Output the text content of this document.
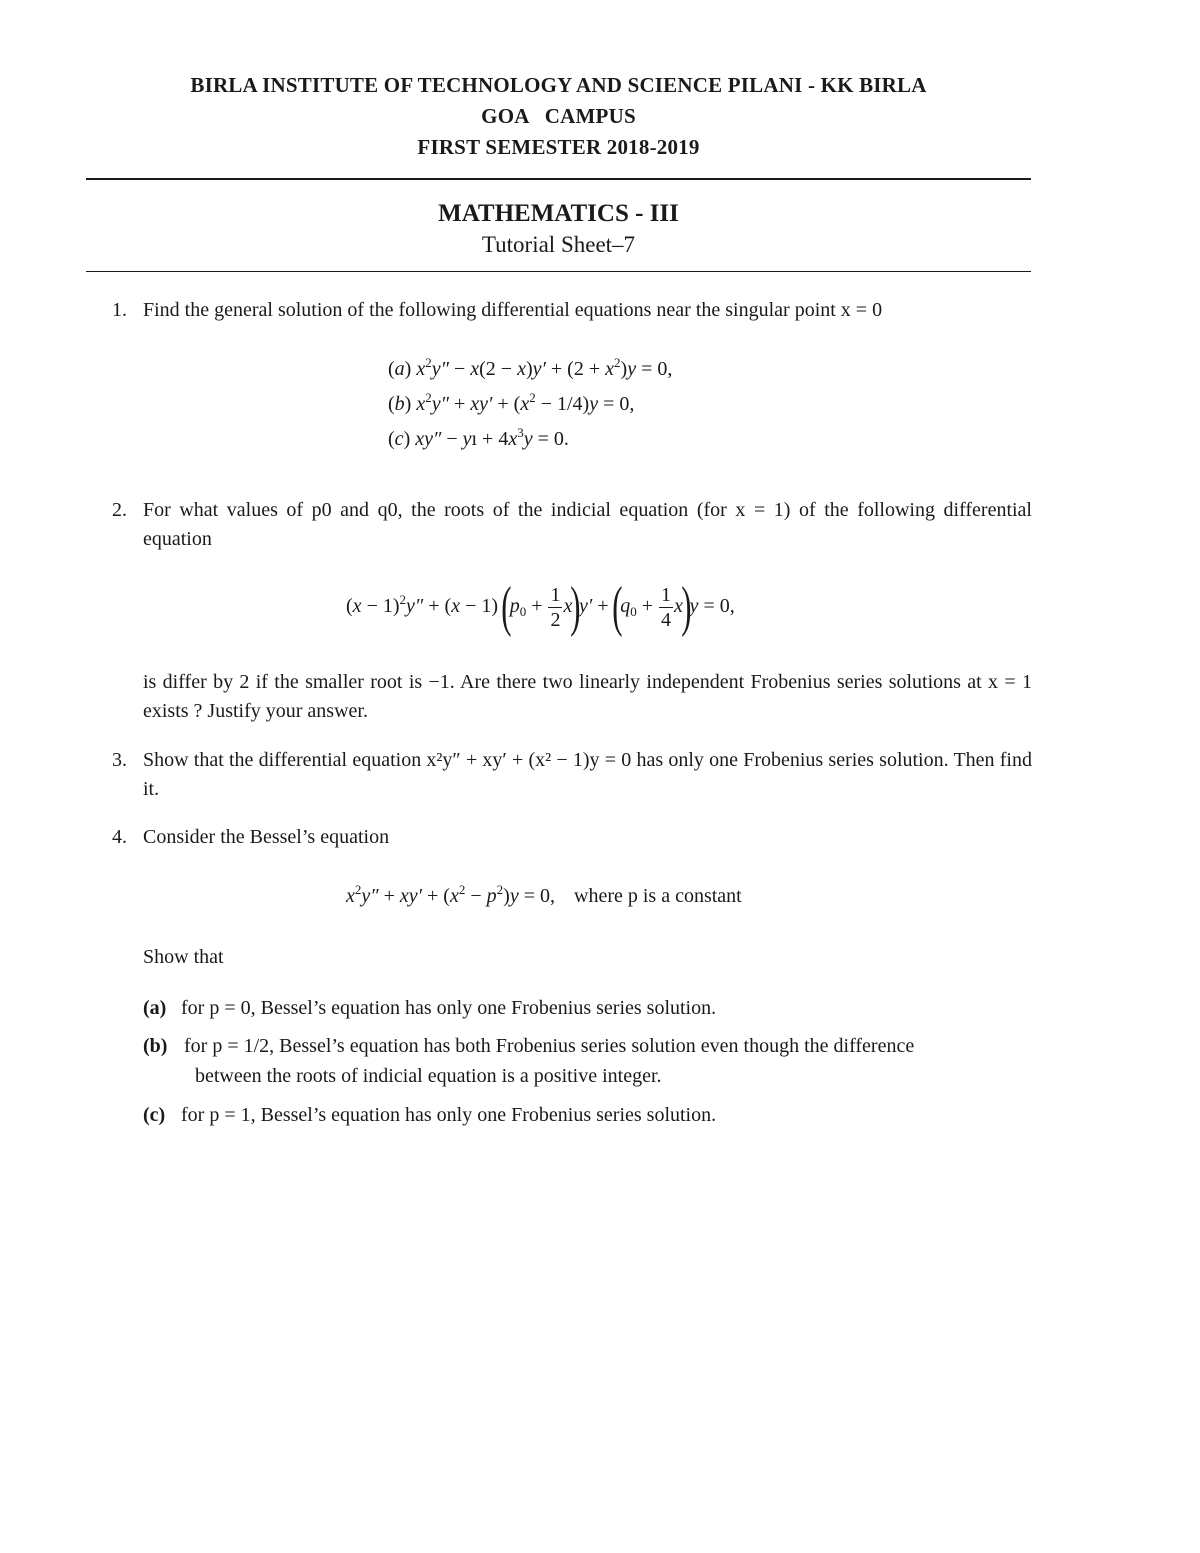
BIRLA INSTITUTE OF TECHNOLOGY AND SCIENCE PILANI - KK BIRLA
GOA   CAMPUS
FIRST SEMESTER 2018-2019
MATHEMATICS - III
Tutorial Sheet–7
1. Find the general solution of the following differential equations near the singular point x = 0
(a) $x^2y'' - x(2 - x)y' + (2 + x^2)y = 0$,
(b) $x^2y'' + xy' + (x^2 - 1/4)y = 0$,
(c) xy″ − yı + $4x^3y = 0$.
2. For what values of p0 and q0, the roots of the indicial equation (for x = 1) of the following differential equation
$(x - 1)^2y'' + (x - 1)$ $(p_0 + \frac{1}{2} x)y' + (q_0 + \frac{1}{4} x)y = 0$,
is differ by 2 if the smaller root is −1. Are there two linearly independent Frobenius series solutions at x = 1 exists ? Justify your answer.
3. Show that the differential equation x²y″ + xy′ + (x² − 1)y = 0 has only one Frobenius series solution. Then find it.
4. Consider the Bessel’s equation
$x^2y'' + xy' + (x^2 - p^2)y = 0$, where p is a constant
Show that
(a) for p = 0, Bessel’s equation has only one Frobenius series solution.
(b) for p = 1/2, Bessel’s equation has both Frobenius series solution even though the difference
between the roots of indicial equation is a positive integer.
(c) for p = 1, Bessel’s equation has only one Frobenius series solution.
